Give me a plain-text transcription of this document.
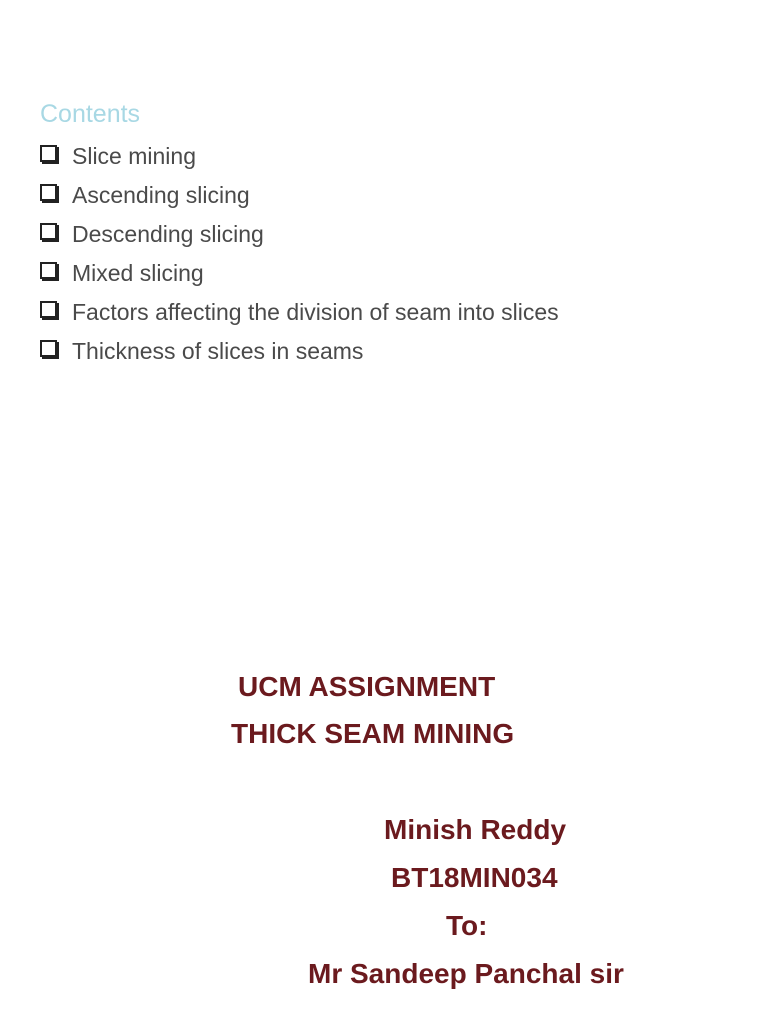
Contents
Slice mining
Ascending slicing
Descending slicing
Mixed slicing
Factors affecting the division of seam into slices
Thickness of slices in seams
UCM ASSIGNMENT
THICK SEAM MINING
Minish Reddy
BT18MIN034
To:
Mr Sandeep Panchal sir
